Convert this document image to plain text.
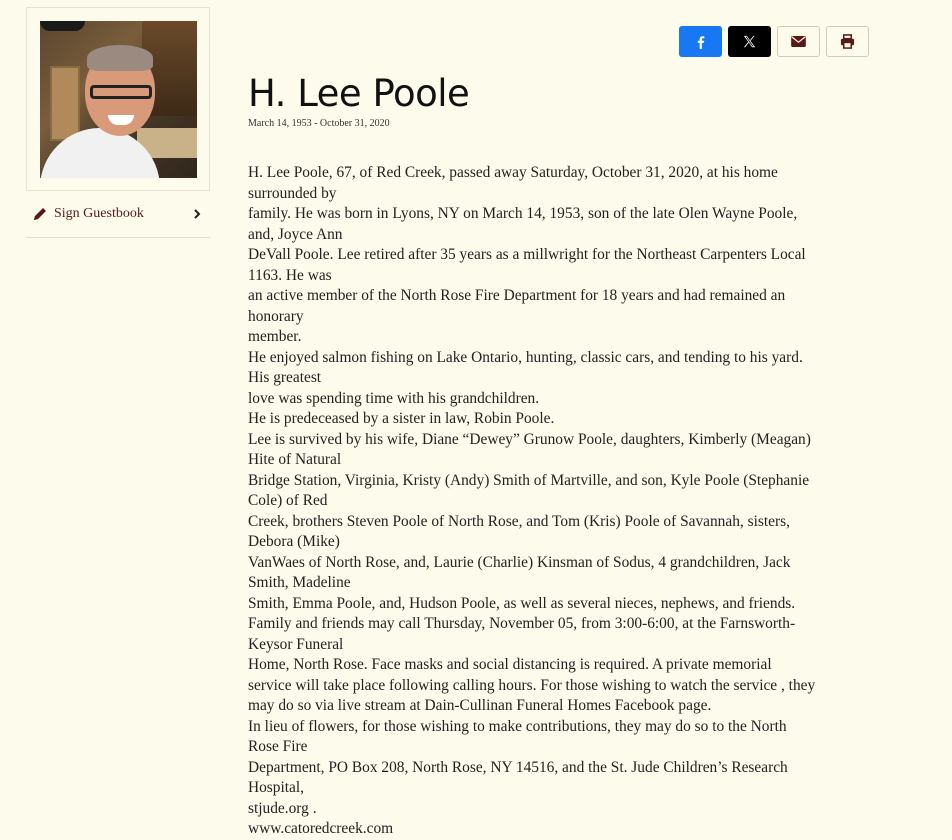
Sign Guestbook
H. Lee Poole
March 14, 1953 - October 31, 2020
H. Lee Poole, 67, of Red Creek, passed away Saturday, October 31, 2020, at his home
surrounded by
family. He was born in Lyons, NY on March 14, 1953, son of the late Olen Wayne Poole,
and, Joyce Ann
DeVall Poole. Lee retired after 35 years as a millwright for the Northeast Carpenters Local
1163. He was
an active member of the North Rose Fire Department for 18 years and had remained an
honorary
member.
He enjoyed salmon fishing on Lake Ontario, hunting, classic cars, and tending to his yard.
His greatest
love was spending time with his grandchildren.
He is predeceased by a sister in law, Robin Poole.
Lee is survived by his wife, Diane “Dewey” Grunow Poole, daughters, Kimberly (Meagan)
Hite of Natural
Bridge Station, Virginia, Kristy (Andy) Smith of Martville, and son, Kyle Poole (Stephanie
Cole) of Red
Creek, brothers Steven Poole of North Rose, and Tom (Kris) Poole of Savannah, sisters,
Debora (Mike)
VanWaes of North Rose, and, Laurie (Charlie) Kinsman of Sodus, 4 grandchildren, Jack
Smith, Madeline
Smith, Emma Poole, and, Hudson Poole, as well as several nieces, nephews, and friends.
Family and friends may call Thursday, November 05, from 3:00-6:00, at the Farnsworth-
Keysor Funeral
Home, North Rose. Face masks and social distancing is required. A private memorial
service will take place following calling hours. For those wishing to watch the service , they
may do so via live stream at Dain-Cullinan Funeral Homes Facebook page.
In lieu of flowers, for those wishing to make contributions, they may do so to the North
Rose Fire
Department, PO Box 208, North Rose, NY 14516, and the St. Jude Children’s Research
Hospital,
stjude.org .
www.catoredcreek.com
